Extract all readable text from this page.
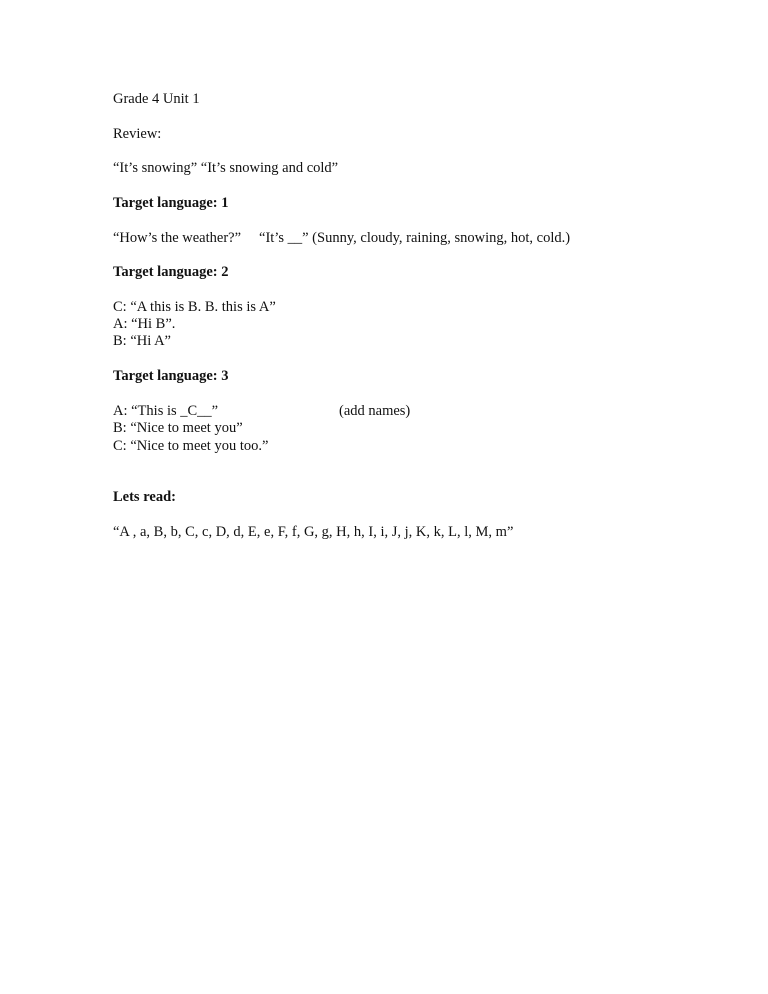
Grade 4 Unit 1
Review:
“It’s snowing” “It’s snowing and cold”
Target language: 1
“How’s the weather?” “It’s __” (Sunny, cloudy, raining, snowing, hot, cold.)
Target language: 2
C: “A this is B. B. this is A”
A: “Hi B”.
B: “Hi A”
Target language: 3
A: “This is _C__”	(add names)
B: “Nice to meet you”
C: “Nice to meet you too.”
Lets read:
“A , a, B, b, C, c, D, d, E, e, F, f, G, g, H, h, I, i, J, j, K, k, L, l, M, m”
